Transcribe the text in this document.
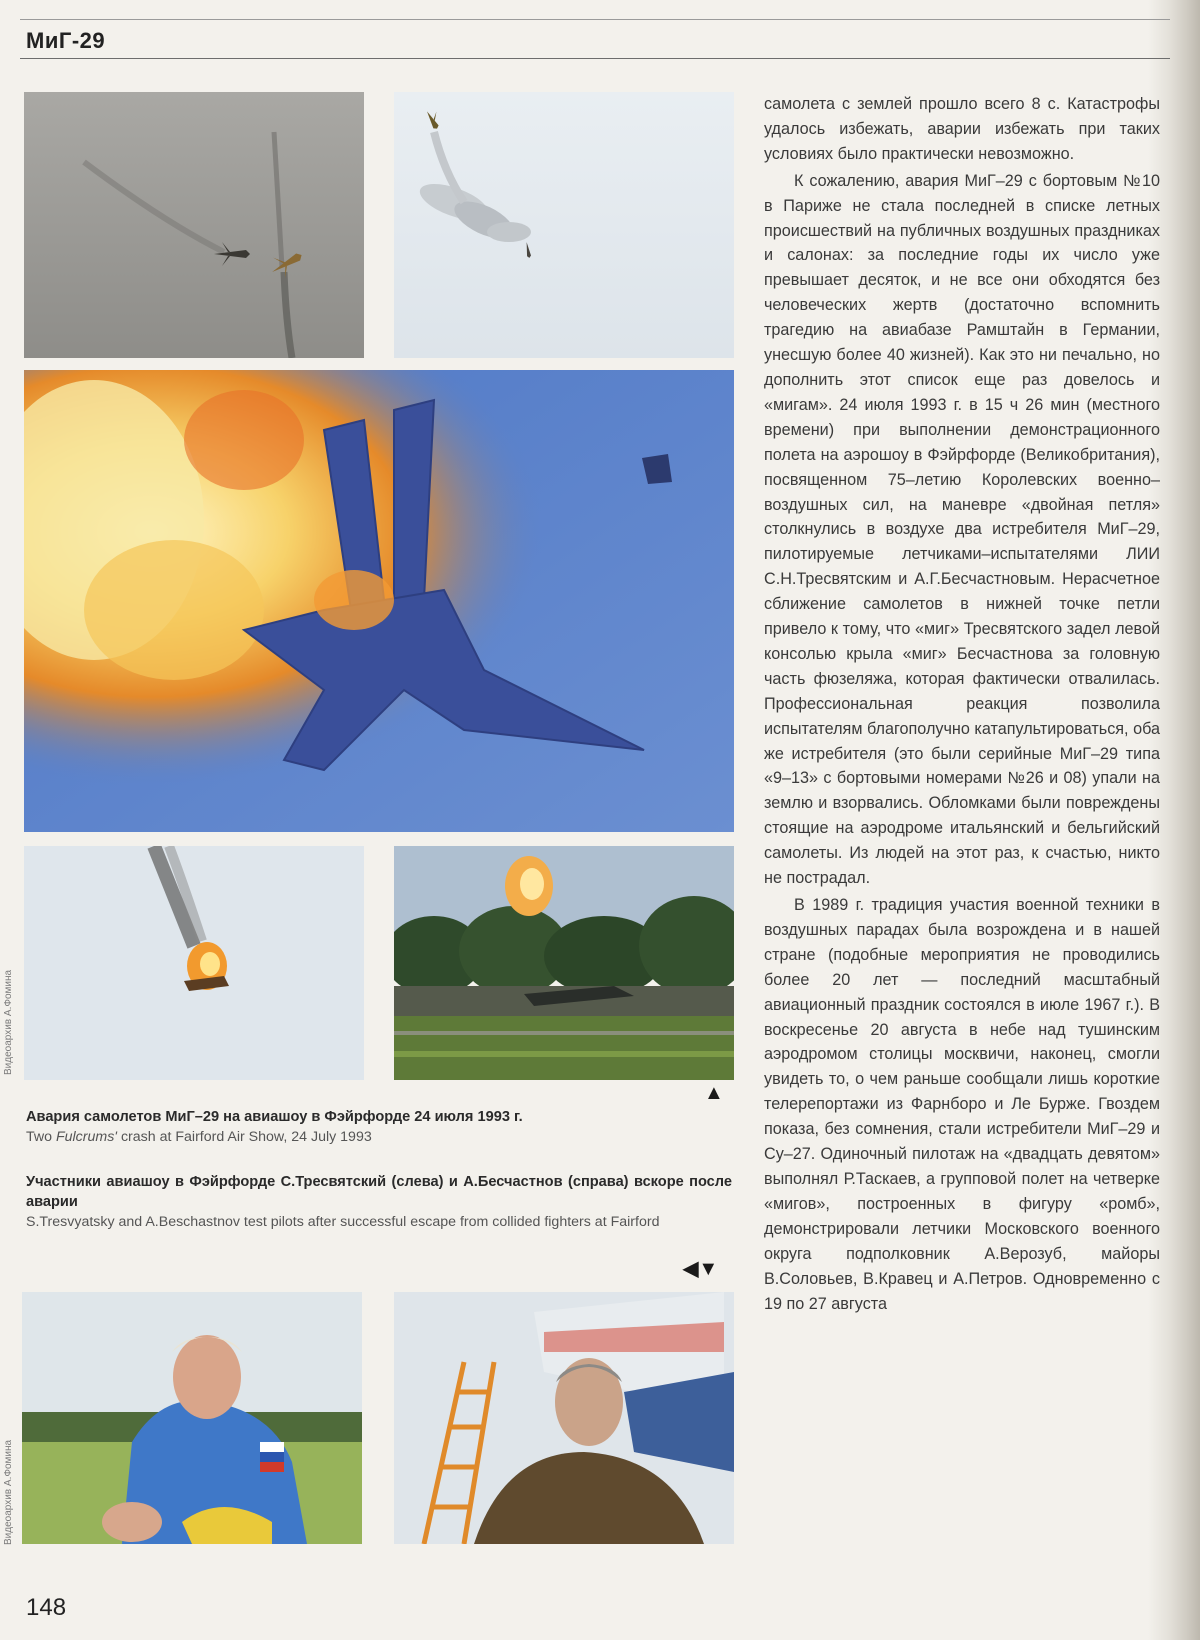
МиГ-29
▲
Видеоархив А.Фомина
Авария самолетов МиГ–29 на авиашоу в Фэйрфорде 24 июля 1993 г.
Two Fulcrums' crash at Fairford Air Show, 24 July 1993
Участники авиашоу в Фэйрфорде С.Тресвятский (слева) и А.Бесчастнов (справа) вскоре после аварии
S.Tresvyatsky and A.Beschastnov test pilots after successful escape from collided fighters at Fairford
◀▼
Видеоархив А.Фомина

самолета с землей прошло всего 8 с. Катастрофы удалось избежать, аварии избежать при таких условиях было практически невозможно.

К сожалению, авария МиГ–29 с бортовым №10 в Париже не стала последней в списке летных происшествий на публичных воздушных праздниках и салонах: за последние годы их число уже превышает десяток, и не все они обходятся без человеческих жертв (достаточно вспомнить трагедию на авиабазе Рамштайн в Германии, унесшую более 40 жизней). Как это ни печально, но дополнить этот список еще раз довелось и «мигам». 24 июля 1993 г. в 15 ч 26 мин (местного времени) при выполнении демонстрационного полета на аэрошоу в Фэйрфорде (Великобритания), посвященном 75–летию Королевских военно–воздушных сил, на маневре «двойная петля» столкнулись в воздухе два истребителя МиГ–29, пилотируемые летчиками–испытателями ЛИИ С.Н.Тресвятским и А.Г.Бесчастновым. Нерасчетное сближение самолетов в нижней точке петли привело к тому, что «миг» Тресвятского задел левой консолью крыла «миг» Бесчастнова за головную часть фюзеляжа, которая фактически отвалилась. Профессиональная реакция позволила испытателям благополучно катапультироваться, оба же истребителя (это были серийные МиГ–29 типа «9–13» с бортовыми номерами №26 и 08) упали на землю и взорвались. Обломками были повреждены стоящие на аэродроме итальянский и бельгийский самолеты. Из людей на этот раз, к счастью, никто не пострадал.

В 1989 г. традиция участия военной техники в воздушных парадах была возрождена и в нашей стране (подобные мероприятия не проводились более 20 лет — последний масштабный авиационный праздник состоялся в июле 1967 г.). В воскресенье 20 августа в небе над тушинским аэродромом столицы москвичи, наконец, смогли увидеть то, о чем раньше сообщали лишь короткие телерепортажи из Фарнборо и Ле Бурже. Гвоздем показа, без сомнения, стали истребители МиГ–29 и Су–27. Одиночный пилотаж на «двадцать девятом» выполнял Р.Таскаев, а групповой полет на четверке «мигов», построенных в фигуру «ромб», демонстрировали летчики Московского военного округа подполковник А.Верозуб, майоры В.Соловьев, В.Кравец и А.Петров. Одновременно с 19 по 27 августа

148
